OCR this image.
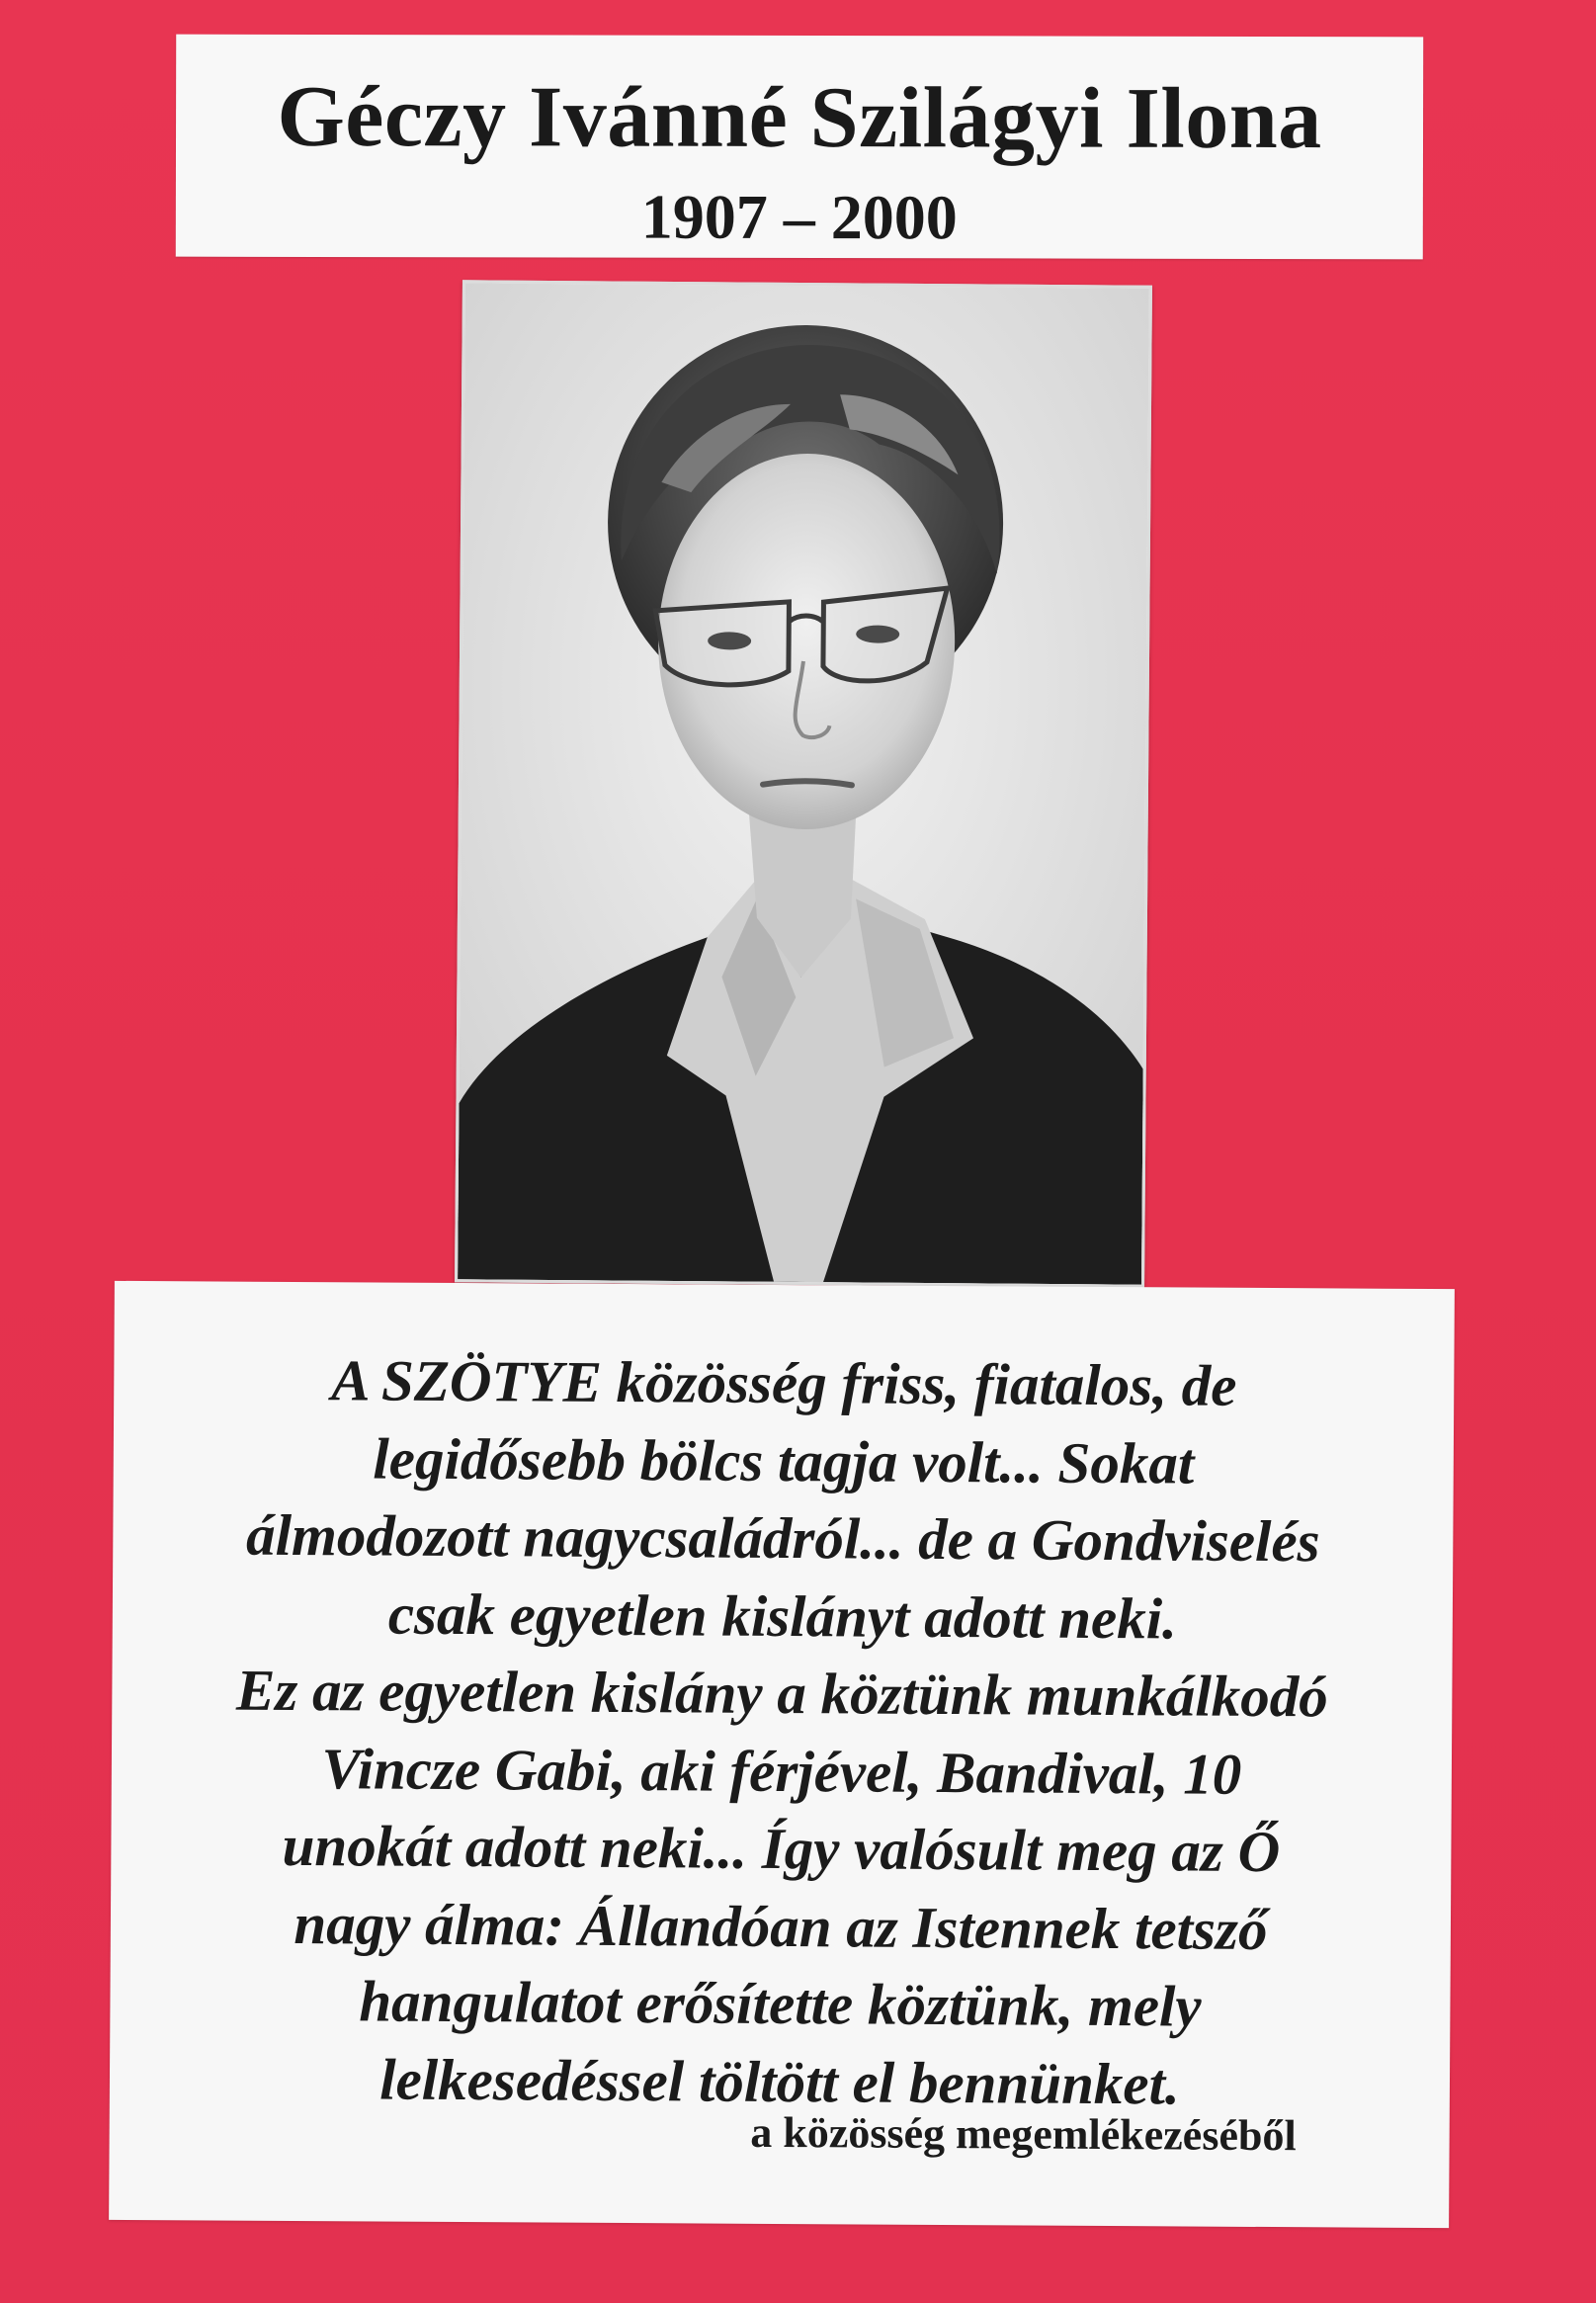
Géczy Ivánné Szilágyi Ilona
1907 – 2000
A SZÖTYE közösség friss, fiatalos, de
legidősebb bölcs tagja volt... Sokat
álmodozott nagycsaládról... de a Gondviselés
csak egyetlen kislányt adott neki.
Ez az egyetlen kislány a köztünk munkálkodó
Vincze Gabi, aki férjével, Bandival, 10
unokát adott neki... Így valósult meg az Ő
nagy álma: Állandóan az Istennek tetsző
hangulatot erősítette köztünk, mely
lelkesedéssel töltött el bennünket.
a közösség megemlékezéséből
